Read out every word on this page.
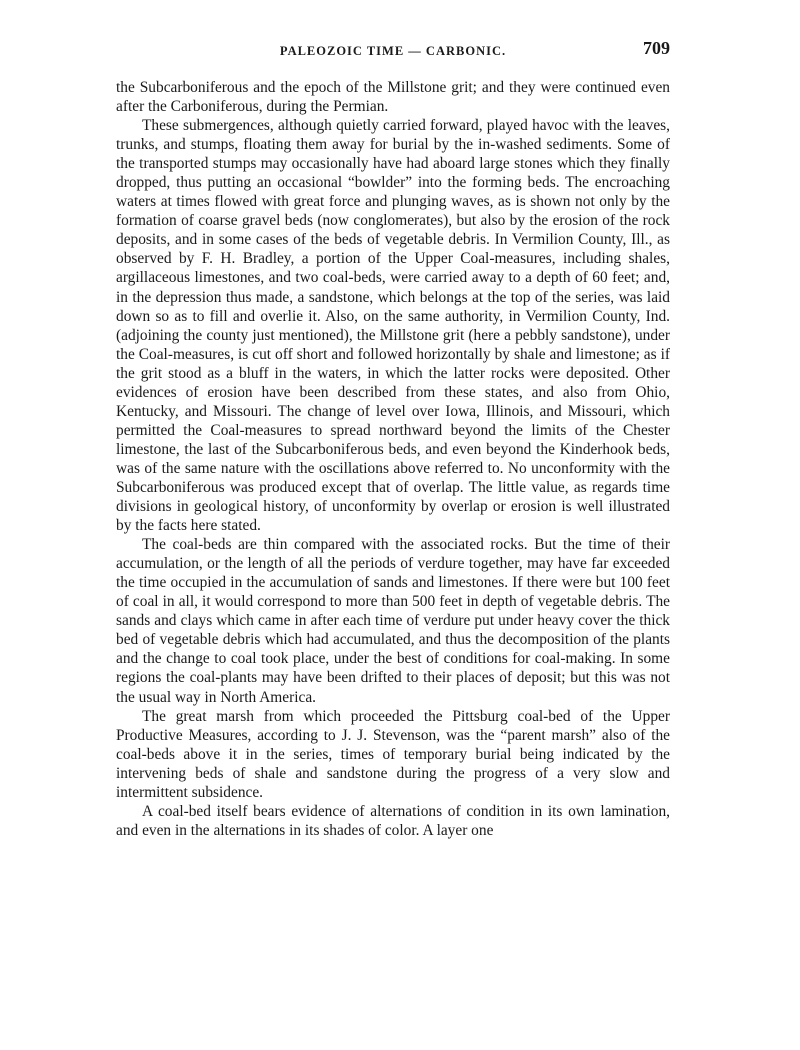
PALEOZOIC TIME — CARBONIC.	709

the Subcarboniferous and the epoch of the Millstone grit; and they were continued even after the Carboniferous, during the Permian.

These submergences, although quietly carried forward, played havoc with the leaves, trunks, and stumps, floating them away for burial by the in-washed sediments. Some of the transported stumps may occasionally have had aboard large stones which they finally dropped, thus putting an occasional “bowlder” into the forming beds. The encroaching waters at times flowed with great force and plunging waves, as is shown not only by the formation of coarse gravel beds (now conglomerates), but also by the erosion of the rock deposits, and in some cases of the beds of vegetable debris. In Vermilion County, Ill., as observed by F. H. Bradley, a portion of the Upper Coal-measures, including shales, argillaceous limestones, and two coal-beds, were carried away to a depth of 60 feet; and, in the depression thus made, a sandstone, which belongs at the top of the series, was laid down so as to fill and overlie it. Also, on the same authority, in Vermilion County, Ind. (adjoining the county just mentioned), the Millstone grit (here a pebbly sandstone), under the Coal-measures, is cut off short and followed horizontally by shale and limestone; as if the grit stood as a bluff in the waters, in which the latter rocks were deposited. Other evidences of erosion have been described from these states, and also from Ohio, Kentucky, and Missouri. The change of level over Iowa, Illinois, and Missouri, which permitted the Coal-measures to spread northward beyond the limits of the Chester limestone, the last of the Subcarboniferous beds, and even beyond the Kinderhook beds, was of the same nature with the oscillations above referred to. No unconformity with the Subcarboniferous was produced except that of overlap. The little value, as regards time divisions in geological history, of unconformity by overlap or erosion is well illustrated by the facts here stated.

The coal-beds are thin compared with the associated rocks. But the time of their accumulation, or the length of all the periods of verdure together, may have far exceeded the time occupied in the accumulation of sands and limestones. If there were but 100 feet of coal in all, it would correspond to more than 500 feet in depth of vegetable debris. The sands and clays which came in after each time of verdure put under heavy cover the thick bed of vegetable debris which had accumulated, and thus the decomposition of the plants and the change to coal took place, under the best of conditions for coal-making. In some regions the coal-plants may have been drifted to their places of deposit; but this was not the usual way in North America.

The great marsh from which proceeded the Pittsburg coal-bed of the Upper Productive Measures, according to J. J. Stevenson, was the “parent marsh” also of the coal-beds above it in the series, times of temporary burial being indicated by the intervening beds of shale and sandstone during the progress of a very slow and intermittent subsidence.

A coal-bed itself bears evidence of alternations of condition in its own lamination, and even in the alternations in its shades of color. A layer one
